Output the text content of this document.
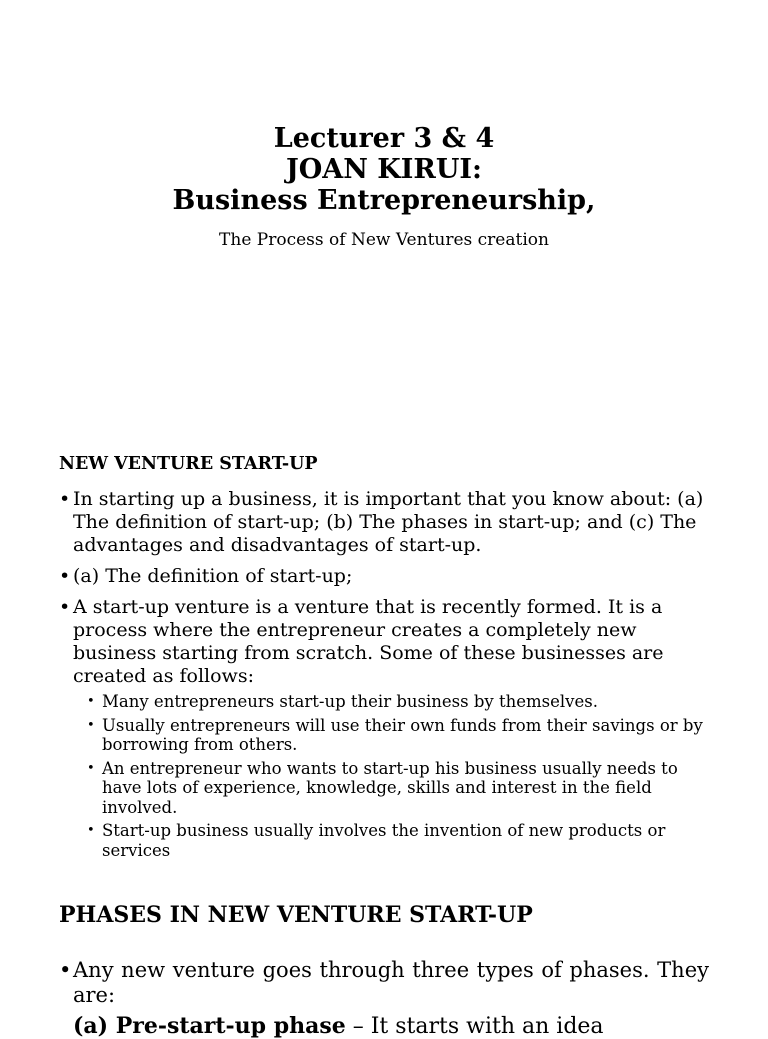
Lecturer 3 & 4
JOAN KIRUI:
Business Entrepreneurship,
The Process of New Ventures creation
NEW VENTURE START-UP
• In starting up a business, it is important that you know about: (a) The definition of start-up; (b) The phases in start-up; and (c) The advantages and disadvantages of start-up.
• (a) The definition of start-up;
• A start-up venture is a venture that is recently formed. It is a process where the entrepreneur creates a completely new business starting from scratch. Some of these businesses are created as follows:
• Many entrepreneurs start-up their business by themselves.
• Usually entrepreneurs will use their own funds from their savings or by borrowing from others.
• An entrepreneur who wants to start-up his business usually needs to have lots of experience, knowledge, skills and interest in the field involved.
• Start-up business usually involves the invention of new products or services
PHASES IN NEW VENTURE START-UP
• Any new venture goes through three types of phases. They are:
(a) Pre-start-up phase – It starts with an idea
